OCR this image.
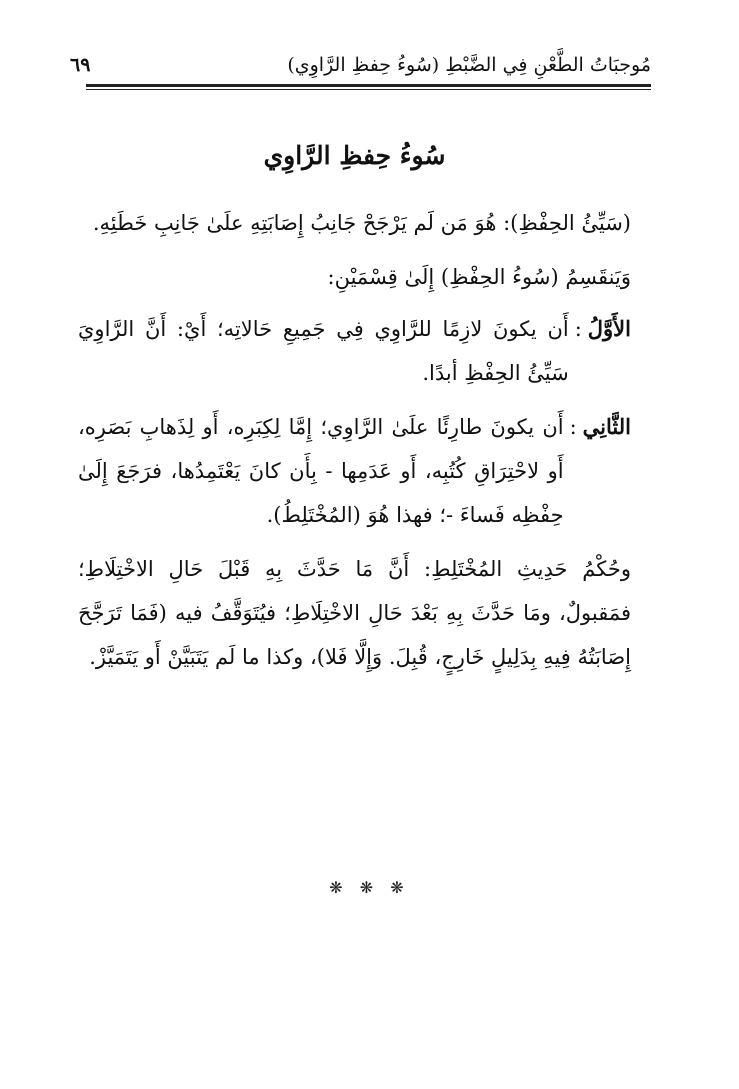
مُوجبَاتُ الطَّعْنِ فِي الضَّبْطِ (سُوءُ حِفظِ الرَّاوِي)
٦٩
سُوءُ حِفظِ الرَّاوِي

(سَيِّئُ الحِفْظِ): هُوَ مَن لَم يَرْجَحْ جَانِبُ إِصَابَتِهِ علَىٰ جَانِبِ خَطَئِهِ.

وَيَنقَسِمُ (سُوءُ الحِفْظِ) إِلَىٰ قِسْمَيْنِ:

الأَوَّلُ
:
أَن يكونَ لازِمًا للرَّاوِي فِي جَمِيعِ حَالاتِه؛ أَيْ: أَنَّ الرَّاوِيَ سَيِّئُ الحِفْظِ أبدًا.
الثَّانِي
:
أَن يكونَ طارِئًا علَىٰ الرَّاوِي؛ إِمَّا لِكِبَرِه، أَو لِذَهابِ بَصَرِه، أَو لاحْتِرَاقِ كُتُبِه، أَو عَدَمِها - بِأَن كانَ يَعْتَمِدُها، فرَجَعَ إِلَىٰ حِفْظِه فَساءَ -؛ فهذا هُوَ (المُخْتَلِطُ).

وحُكْمُ حَدِيثِ المُخْتَلِطِ: أَنَّ مَا حَدَّثَ بِهِ قَبْلَ حَالِ الاخْتِلَاطِ؛ فمَقبولٌ، ومَا حَدَّثَ بِهِ بَعْدَ حَالِ الاخْتِلَاطِ؛ فيُتَوَقَّفُ فيه (فَمَا تَرَجَّحَ إِصَابَتُهُ فِيهِ بِدَلِيلٍ خَارِجٍ، قُبِلَ. وَإِلَّا فَلا)، وكذا ما لَم يَتَبَيَّنْ أَو يَتَمَيَّزْ.

❋ ❋ ❋
